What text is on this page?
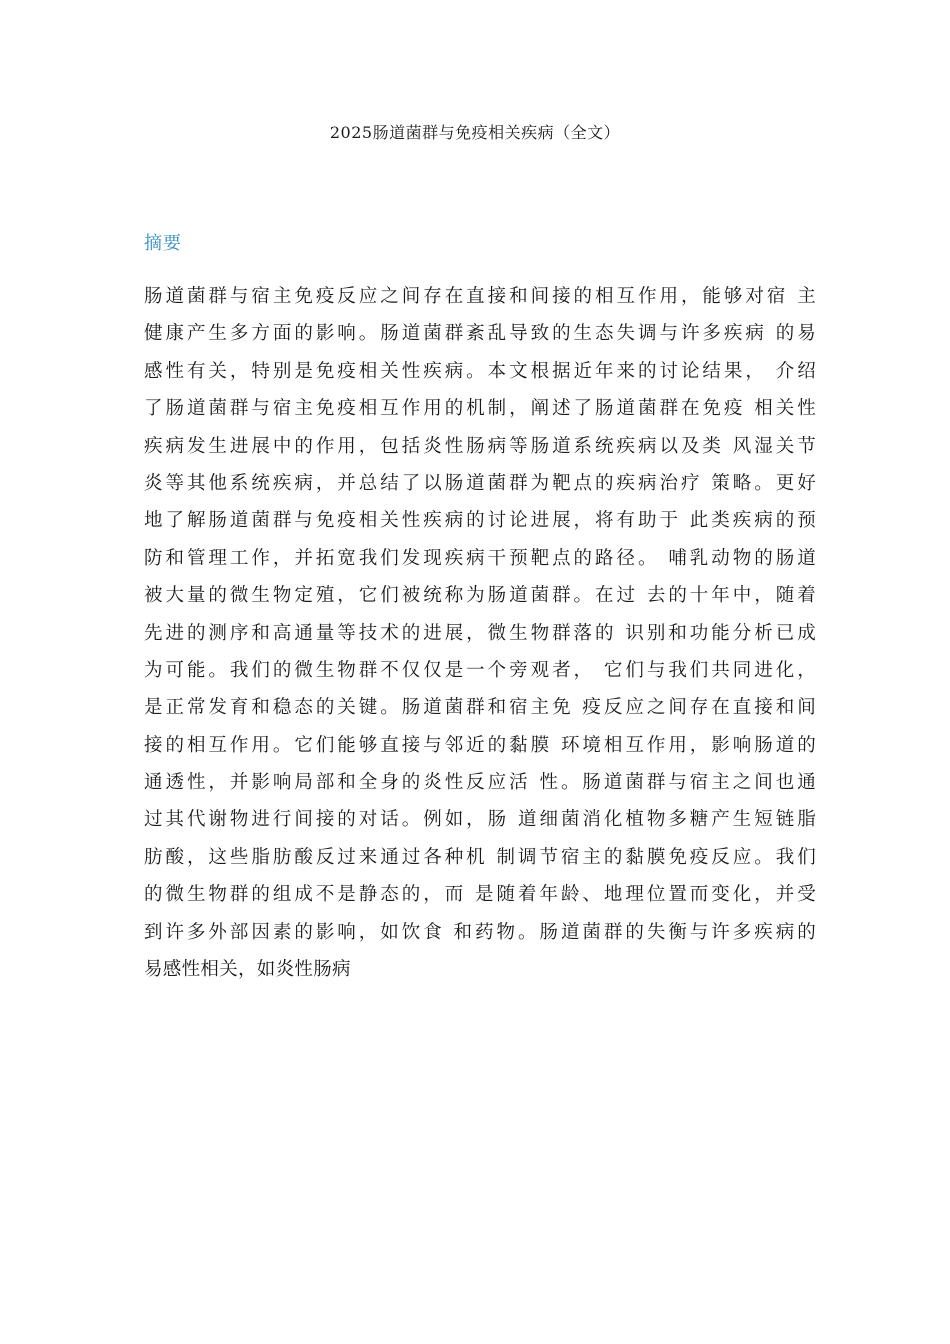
2025肠道菌群与免疫相关疾病（全文）
摘要
肠道菌群与宿主免疫反应之间存在直接和间接的相互作用，能够对宿 主
健康产生多方面的影响。肠道菌群紊乱导致的生态失调与许多疾病 的易
感性有关，特别是免疫相关性疾病。本文根据近年来的讨论结果， 介绍
了肠道菌群与宿主免疫相互作用的机制，阐述了肠道菌群在免疫 相关性
疾病发生进展中的作用，包括炎性肠病等肠道系统疾病以及类 风湿关节
炎等其他系统疾病，并总结了以肠道菌群为靶点的疾病治疗 策略。更好
地了解肠道菌群与免疫相关性疾病的讨论进展，将有助于 此类疾病的预
防和管理工作，并拓宽我们发现疾病干预靶点的路径。 哺乳动物的肠道
被大量的微生物定殖，它们被统称为肠道菌群。在过 去的十年中，随着
先进的测序和高通量等技术的进展，微生物群落的 识别和功能分析已成
为可能。我们的微生物群不仅仅是一个旁观者， 它们与我们共同进化，
是正常发育和稳态的关键。肠道菌群和宿主免 疫反应之间存在直接和间
接的相互作用。它们能够直接与邻近的黏膜 环境相互作用，影响肠道的
通透性，并影响局部和全身的炎性反应活 性。肠道菌群与宿主之间也通
过其代谢物进行间接的对话。例如，肠 道细菌消化植物多糖产生短链脂
肪酸，这些脂肪酸反过来通过各种机 制调节宿主的黏膜免疫反应。我们
的微生物群的组成不是静态的，而 是随着年龄、地理位置而变化，并受
到许多外部因素的影响，如饮食 和药物。肠道菌群的失衡与许多疾病的
易感性相关，如炎性肠病
